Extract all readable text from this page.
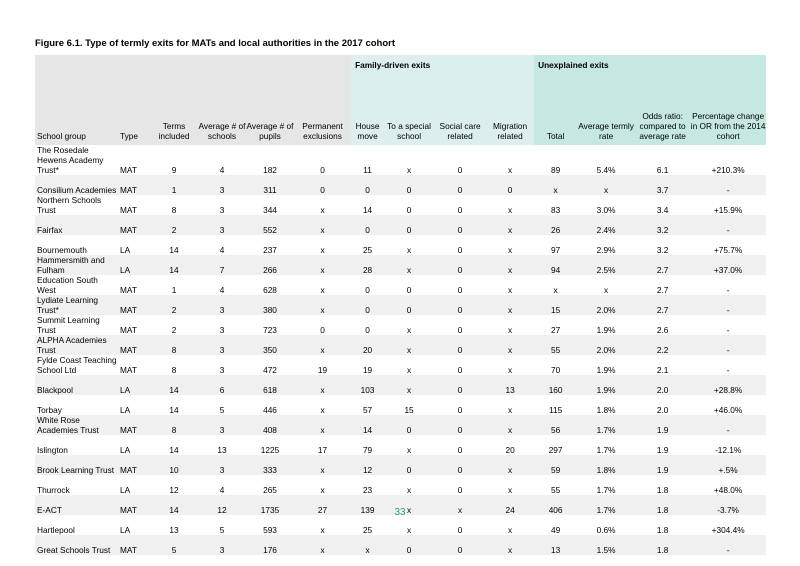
Figure 6.1. Type of termly exits for MATs and local authorities in the 2017 cohort
						Family-driven exits				Unexplained exits			
School group	Type	Terms included	Average # of schools	Average # of pupils	Permanent exclusions	House move	To a special school	Social care related	Migration related	Total	Average termly rate	Odds ratio: compared to average rate	Percentage change in OR from the 2014 cohort
The Rosedale Hewens Academy Trust*	MAT	9	4	182	0	11	x	0	x	89	5.4%	6.1	+210.3%
Consilium Academies	MAT	1	3	311	0	0	0	0	0	x	x	3.7	-
Northern Schools Trust	MAT	8	3	344	x	14	0	0	x	83	3.0%	3.4	+15.9%
Fairfax	MAT	2	3	552	x	0	0	0	x	26	2.4%	3.2	-
Bournemouth	LA	14	4	237	x	25	x	0	x	97	2.9%	3.2	+75.7%
Hammersmith and Fulham	LA	14	7	266	x	28	x	0	x	94	2.5%	2.7	+37.0%
Education South West	MAT	1	4	628	x	0	0	0	x	x	x	2.7	-
Lydiate Learning Trust*	MAT	2	3	380	x	0	0	0	x	15	2.0%	2.7	-
Summit Learning Trust	MAT	2	3	723	0	0	x	0	x	27	1.9%	2.6	-
ALPHA Academies Trust	MAT	8	3	350	x	20	x	0	x	55	2.0%	2.2	-
Fylde Coast Teaching School Ltd	MAT	8	3	472	19	19	x	0	x	70	1.9%	2.1	-
Blackpool	LA	14	6	618	x	103	x	0	13	160	1.9%	2.0	+28.8%
Torbay	LA	14	5	446	x	57	15	0	x	115	1.8%	2.0	+46.0%
White Rose Academies Trust	MAT	8	3	408	x	14	0	0	x	56	1.7%	1.9	-
Islington	LA	14	13	1225	17	79	x	0	20	297	1.7%	1.9	-12.1%
Brook Learning Trust	MAT	10	3	333	x	12	0	0	x	59	1.8%	1.9	+.5%
Thurrock	LA	12	4	265	x	23	x	0	x	55	1.7%	1.8	+48.0%
E-ACT	MAT	14	12	1735	27	139	x	x	24	406	1.7%	1.8	-3.7%
Hartlepool	LA	13	5	593	x	25	x	0	x	49	0.6%	1.8	+304.4%
Great Schools Trust	MAT	5	3	176	x	x	0	0	x	13	1.5%	1.8	-
33
